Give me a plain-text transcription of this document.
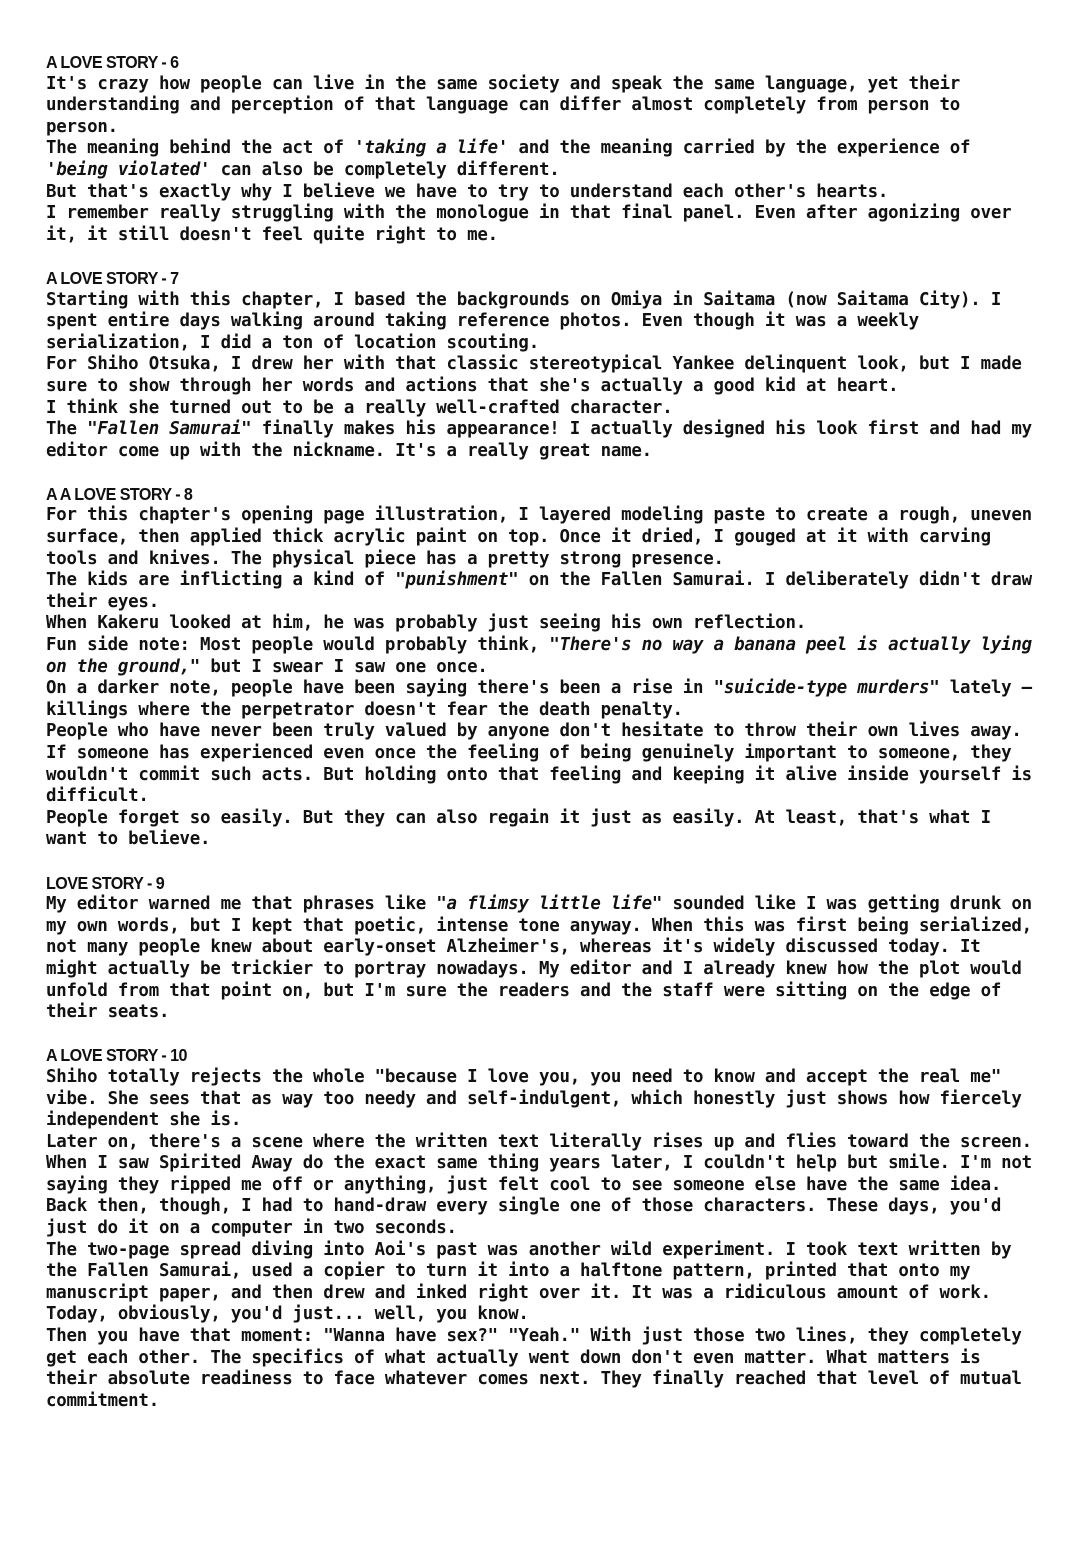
A LOVE STORY - 6

It's crazy how people can live in the same society and speak the same language, yet their understanding and perception of that language can differ almost completely from person to person.

The meaning behind the act of 'taking a life' and the meaning carried by the experience of 'being violated' can also be completely different.

But that's exactly why I believe we have to try to understand each other's hearts.

I remember really struggling with the monologue in that final panel. Even after agonizing over it, it still doesn't feel quite right to me.

A LOVE STORY - 7

Starting with this chapter, I based the backgrounds on Omiya in Saitama (now Saitama City). I spent entire days walking around taking reference photos. Even though it was a weekly serialization, I did a ton of location scouting.

For Shiho Otsuka, I drew her with that classic stereotypical Yankee delinquent look, but I made sure to show through her words and actions that she's actually a good kid at heart.

I think she turned out to be a really well-crafted character.

The "Fallen Samurai" finally makes his appearance! I actually designed his look first and had my editor come up with the nickname. It's a really great name.

A A LOVE STORY - 8

For this chapter's opening page illustration, I layered modeling paste to create a rough, uneven surface, then applied thick acrylic paint on top. Once it dried, I gouged at it with carving tools and knives. The physical piece has a pretty strong presence.

The kids are inflicting a kind of "punishment" on the Fallen Samurai. I deliberately didn't draw their eyes.

When Kakeru looked at him, he was probably just seeing his own reflection.

Fun side note: Most people would probably think, "There's no way a banana peel is actually lying on the ground," but I swear I saw one once.

On a darker note, people have been saying there's been a rise in "suicide-type murders" lately — killings where the perpetrator doesn't fear the death penalty.

People who have never been truly valued by anyone don't hesitate to throw their own lives away. If someone has experienced even once the feeling of being genuinely important to someone, they wouldn't commit such acts. But holding onto that feeling and keeping it alive inside yourself is difficult.

People forget so easily. But they can also regain it just as easily. At least, that's what I want to believe.

LOVE STORY - 9

My editor warned me that phrases like "a flimsy little life" sounded like I was getting drunk on my own words, but I kept that poetic, intense tone anyway. When this was first being serialized, not many people knew about early-onset Alzheimer's, whereas it's widely discussed today. It might actually be trickier to portray nowadays. My editor and I already knew how the plot would unfold from that point on, but I'm sure the readers and the staff were sitting on the edge of their seats.

A LOVE STORY - 10

Shiho totally rejects the whole "because I love you, you need to know and accept the real me" vibe. She sees that as way too needy and self-indulgent, which honestly just shows how fiercely independent she is.

Later on, there's a scene where the written text literally rises up and flies toward the screen. When I saw Spirited Away do the exact same thing years later, I couldn't help but smile. I'm not saying they ripped me off or anything, just felt cool to see someone else have the same idea. Back then, though, I had to hand-draw every single one of those characters. These days, you'd just do it on a computer in two seconds.

The two-page spread diving into Aoi's past was another wild experiment. I took text written by the Fallen Samurai, used a copier to turn it into a halftone pattern, printed that onto my manuscript paper, and then drew and inked right over it. It was a ridiculous amount of work. Today, obviously, you'd just... well, you know.

Then you have that moment: "Wanna have sex?" "Yeah." With just those two lines, they completely get each other. The specifics of what actually went down don't even matter. What matters is their absolute readiness to face whatever comes next. They finally reached that level of mutual commitment.
